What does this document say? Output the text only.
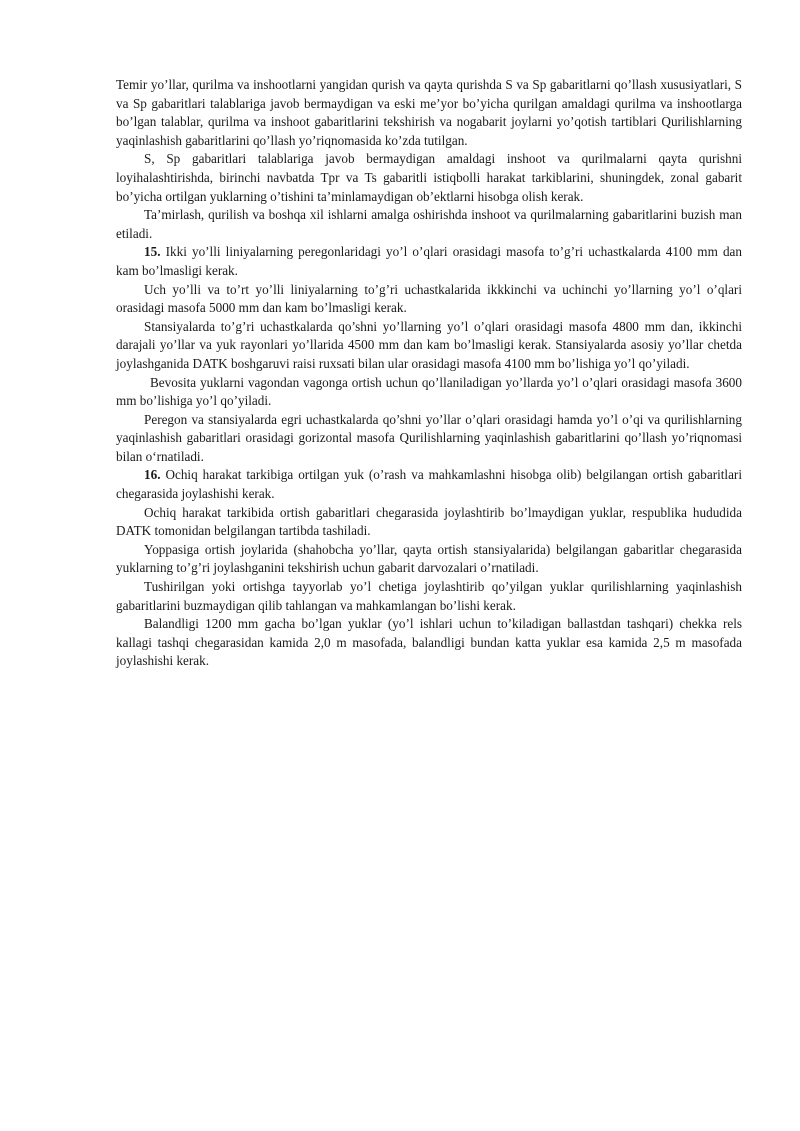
Temir yo’llar, qurilma va inshootlarni yangidan qurish va qayta qurishda S va Sp gabaritlarni qo’llash xususiyatlari, S va Sp gabaritlari talablariga javob bermaydigan va eski me’yor bo’yicha qurilgan amaldagi qurilma va inshootlarga bo’lgan talablar, qurilma va inshoot gabaritlarini tekshirish va nogabarit joylarni yo’qotish tartiblari Qurilishlarning yaqinlashish gabaritlarini qo’llash yo’riqnomasida ko’zda tutilgan.

S, Sp gabaritlari talablariga javob bermaydigan amaldagi inshoot va qurilmalarni qayta qurishni loyihalashtirishda, birinchi navbatda Tpr va Ts gabaritli istiqbolli harakat tarkiblarini, shuningdek, zonal gabarit bo’yicha ortilgan yuklarning o’tishini ta’minlamaydigan ob’ektlarni hisobga olish kerak.

Ta’mirlash, qurilish va boshqa xil ishlarni amalga oshirishda inshoot va qurilmalarning gabaritlarini buzish man etiladi.

15. Ikki yo’lli liniyalarning peregonlaridagi yo’l o’qlari orasidagi masofa to’g’ri uchastkalarda 4100 mm dan kam bo’lmasligi kerak.

Uch yo’lli va to’rt yo’lli liniyalarning to’g’ri uchastkalarida ikkkinchi va uchinchi yo’llarning yo’l o’qlari orasidagi masofa 5000 mm dan kam bo’lmasligi kerak.

Stansiyalarda to’g’ri uchastkalarda qo’shni yo’llarning yo’l o’qlari orasidagi masofa 4800 mm dan, ikkinchi darajali yo’llar va yuk rayonlari yo’llarida 4500 mm dan kam bo’lmasligi kerak. Stansiyalarda asosiy yo’llar chetda joylashganida DATK boshgaruvi raisi ruxsati bilan ular orasidagi masofa 4100 mm bo’lishiga yo’l qo’yiladi.

Bevosita yuklarni vagondan vagonga ortish uchun qo’llaniladigan yo’llarda yo’l o’qlari orasidagi masofa 3600 mm bo’lishiga yo’l qo’yiladi.

Peregon va stansiyalarda egri uchastkalarda qo’shni yo’llar o’qlari orasidagi hamda yo’l o’qi va qurilishlarning yaqinlashish gabaritlari orasidagi gorizontal masofa Qurilishlarning yaqinlashish gabaritlarini qo’llash yo’riqnomasi bilan o‘rnatiladi.

16. Ochiq harakat tarkibiga ortilgan yuk (o’rash va mahkamlashni hisobga olib) belgilangan ortish gabaritlari chegarasida joylashishi kerak.

Ochiq harakat tarkibida ortish gabaritlari chegarasida joylashtirib bo’lmaydigan yuklar, respublika hududida DATK tomonidan belgilangan tartibda tashiladi.

Yoppasiga ortish joylarida (shahobcha yo’llar, qayta ortish stansiyalarida) belgilangan gabaritlar chegarasida yuklarning to’g’ri joylashganini tekshirish uchun gabarit darvozalari o’rnatiladi.

Tushirilgan yoki ortishga tayyorlab yo’l chetiga joylashtirib qo’yilgan yuklar qurilishlarning yaqinlashish gabaritlarini buzmaydigan qilib tahlangan va mahkamlangan bo’lishi kerak.

Balandligi 1200 mm gacha bo’lgan yuklar (yo’l ishlari uchun to’kiladigan ballastdan tashqari) chekka rels kallagi tashqi chegarasidan kamida 2,0 m masofada, balandligi bundan katta yuklar esa kamida 2,5 m masofada joylashishi kerak.
